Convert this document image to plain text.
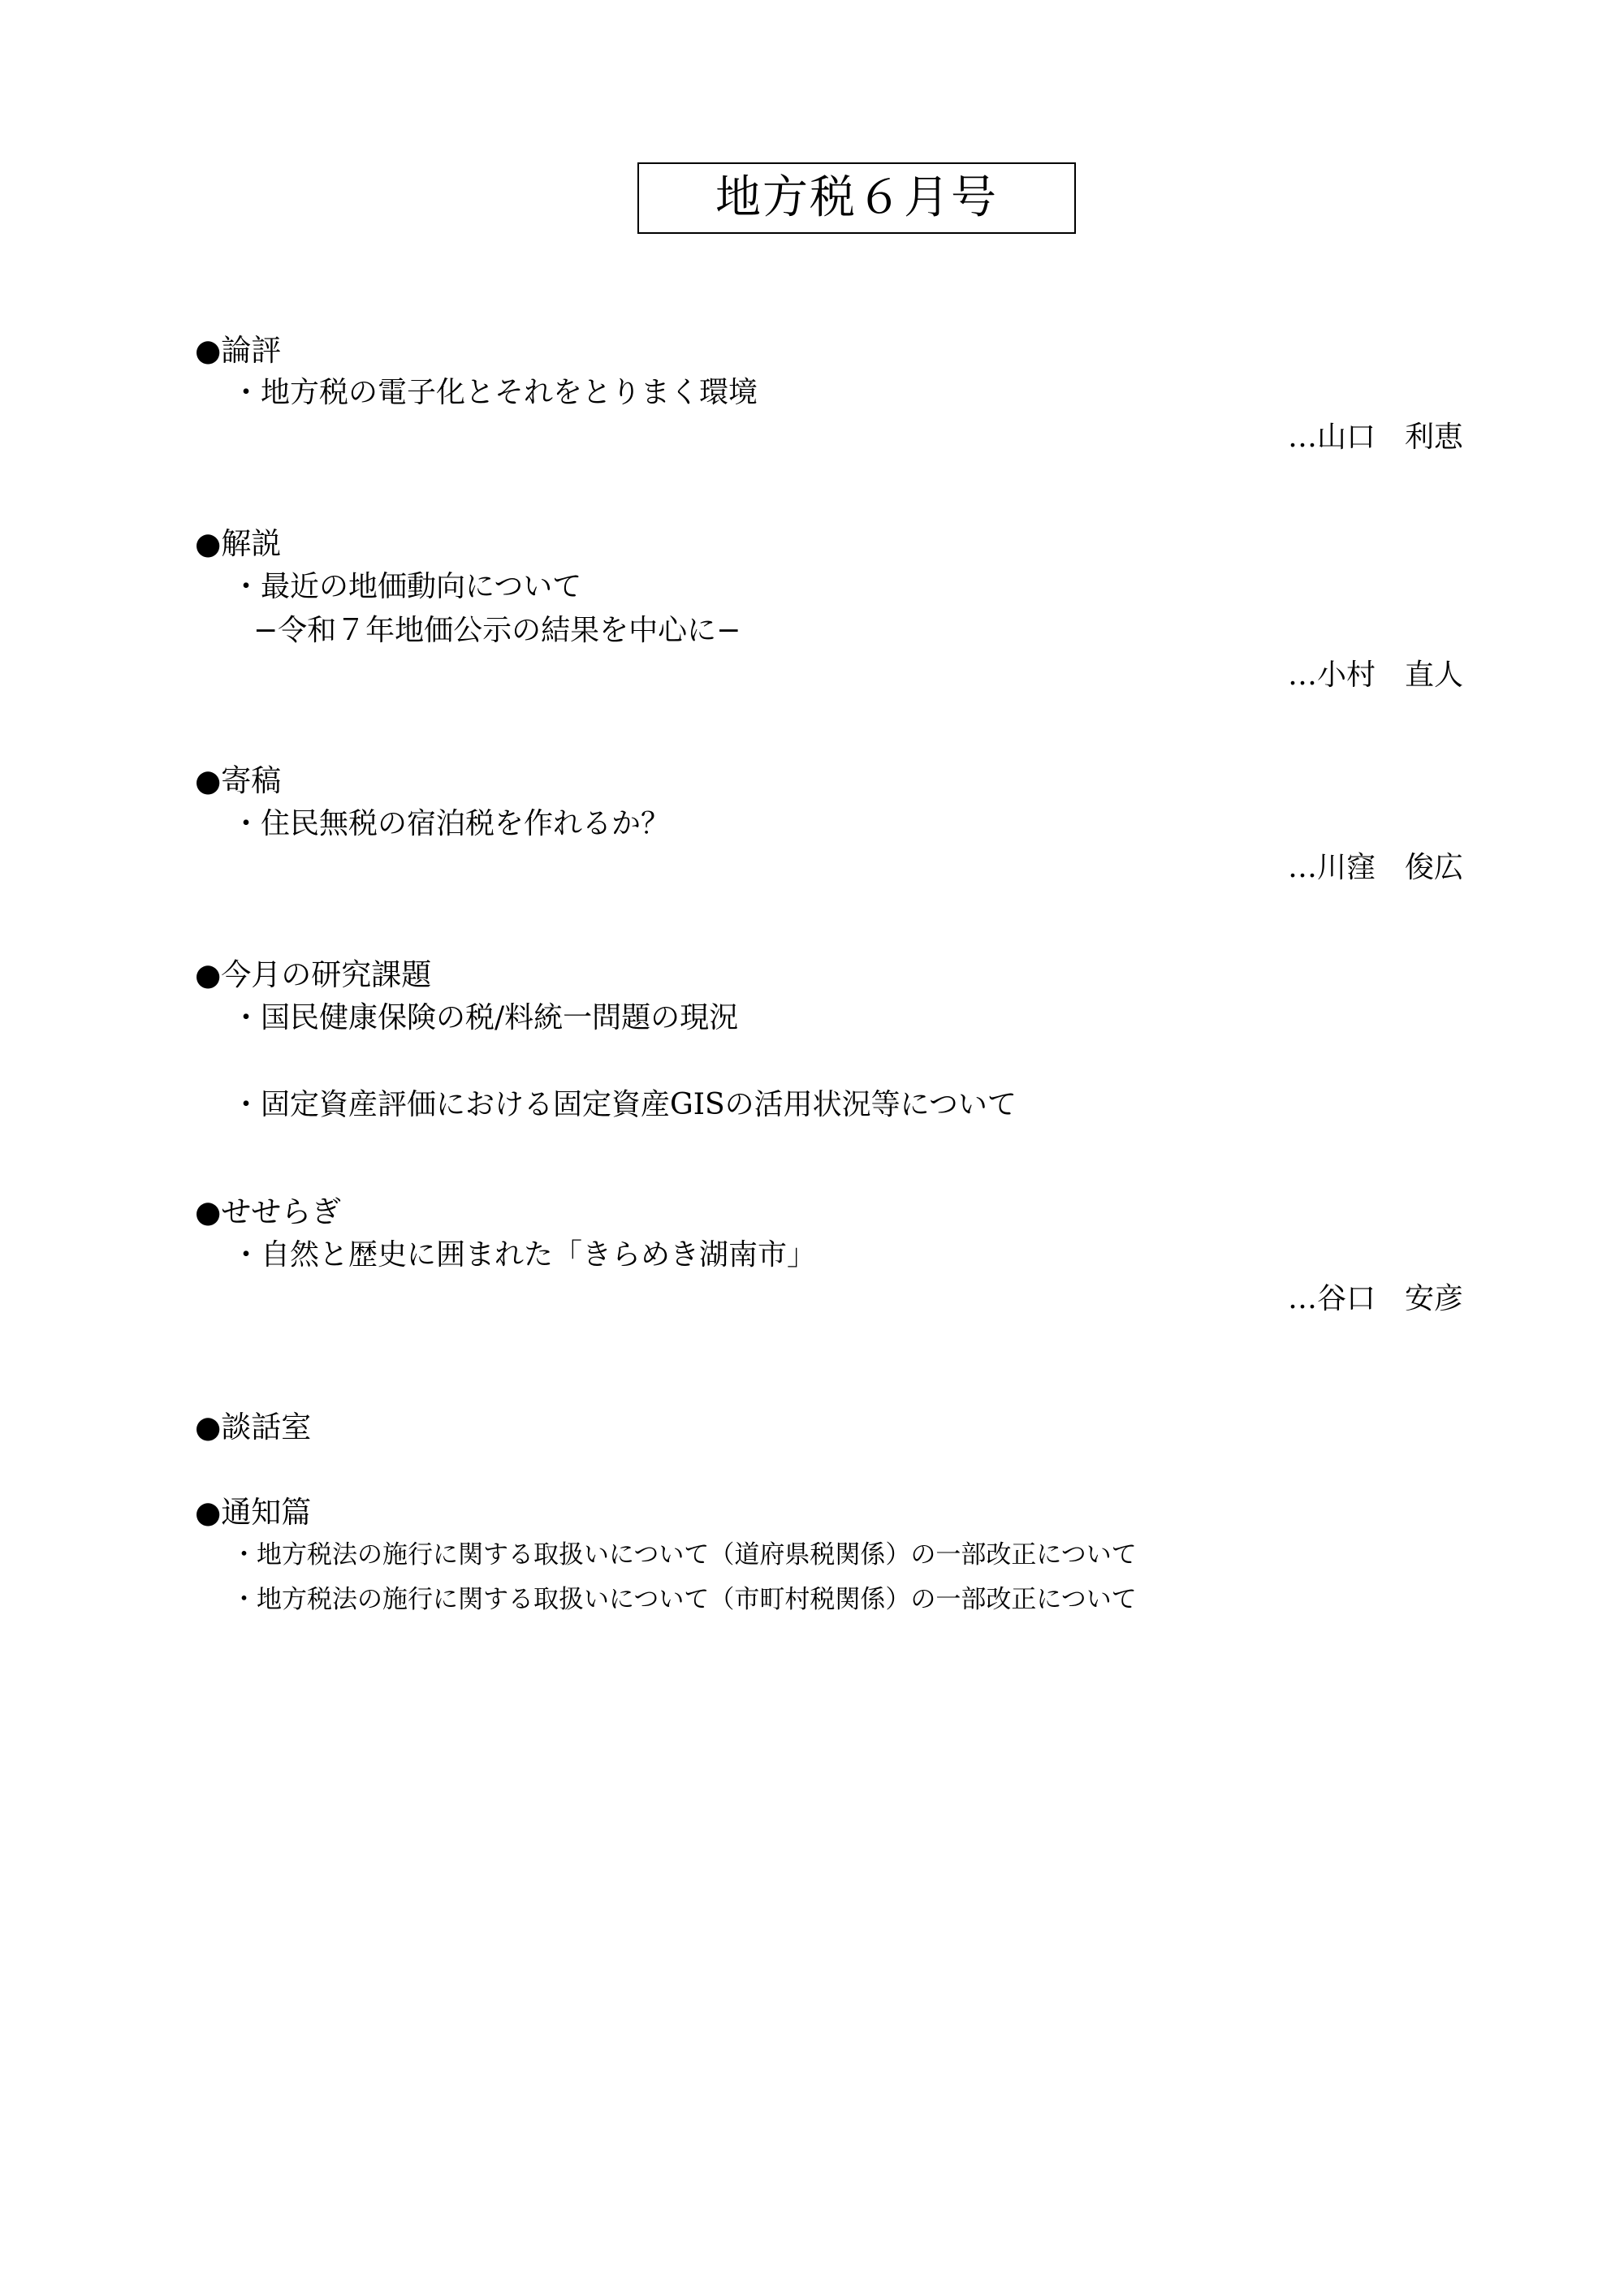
地方税６月号
●論評
・地方税の電子化とそれをとりまく環境
…山口　利恵
●解説
・最近の地価動向について
−令和７年地価公示の結果を中心に−
…小村　直人
●寄稿
・住民無税の宿泊税を作れるか？
…川窪　俊広
●今月の研究課題
・国民健康保険の税/料統一問題の現況
・固定資産評価における固定資産GISの活用状況等について
●せせらぎ
・自然と歴史に囲まれた「きらめき湖南市」
…谷口　安彦
●談話室
●通知篇
・地方税法の施行に関する取扱いについて（道府県税関係）の一部改正について
・地方税法の施行に関する取扱いについて（市町村税関係）の一部改正について
